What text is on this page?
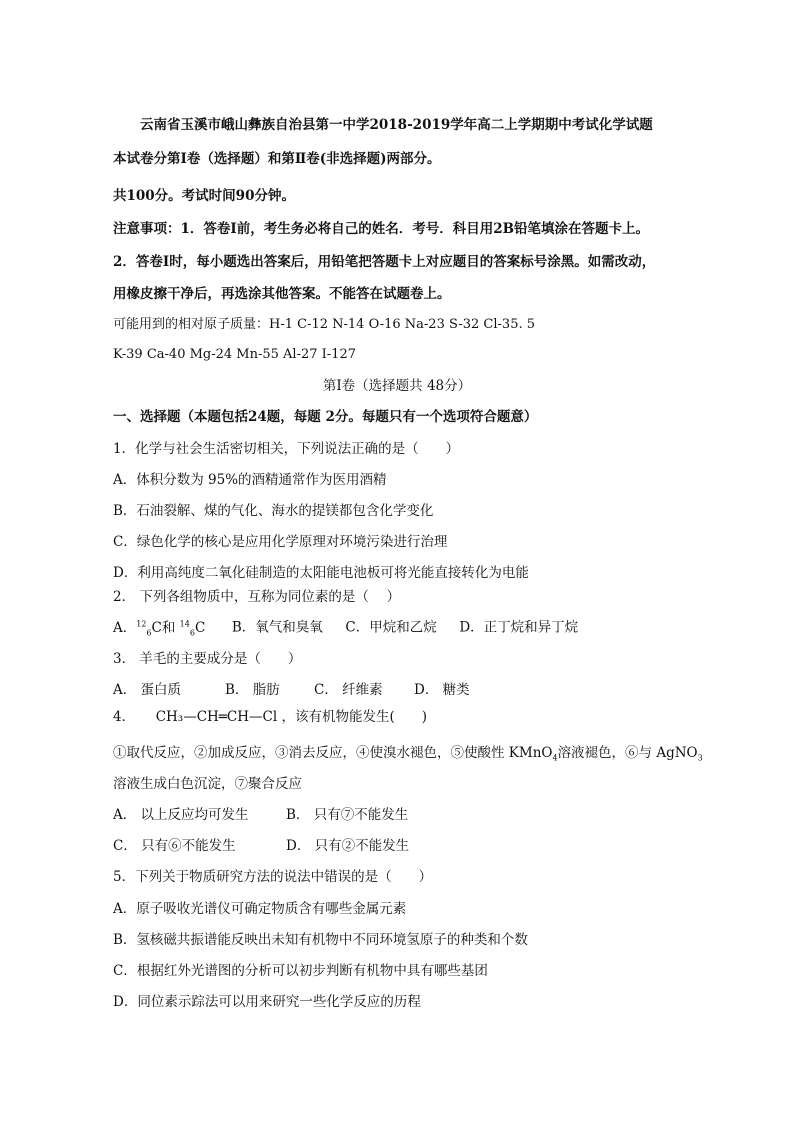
云南省玉溪市峨山彝族自治县第一中学2018-2019学年高二上学期期中考试化学试题
本试卷分第Ⅰ卷（选择题）和第Ⅱ卷(非选择题)两部分。
共100分。考试时间90分钟。
注意事项：1．答卷Ⅰ前，考生务必将自己的姓名．考号．科目用2B铅笔填涂在答题卡上。
2．答卷Ⅰ时，每小题选出答案后，用铅笔把答题卡上对应题目的答案标号涂黑。如需改动，
用橡皮擦干净后，再选涂其他答案。不能答在试题卷上。
可能用到的相对原子质量：H-1 C-12 N-14 O-16 Na-23 S-32 Cl-35. 5
K-39 Ca-40 Mg-24 Mn-55 Al-27 I-127
第Ⅰ卷（选择题共 48分）
一、选择题（本题包括24题，每题 2分。每题只有一个选项符合题意）
1．化学与社会生活密切相关，下列说法正确的是（　　）
A．体积分数为 95%的酒精通常作为医用酒精
B．石油裂解、煤的气化、海水的提镁都包含化学变化
C．绿色化学的核心是应用化学原理对环境污染进行治理
D．利用高纯度二氧化硅制造的太阳能电池板可将光能直接转化为电能
2． 下列各组物质中，互称为同位素的是（　 ）
A．$^{12}_6$C和 $^{14}_6$C B．氧气和臭氧 C．甲烷和乙烷 D．正丁烷和异丁烷
3． 羊毛的主要成分是（　　）
A． 蛋白质	B． 脂肪	C． 纤维素 D． 糖类
4． CH₃—CH═CH—Cl ，该有机物能发生(　　)
①取代反应，②加成反应，③消去反应，④使溴水褪色，⑤使酸性 KMnO$_4$溶液褪色，⑥与 AgNO$_3$
溶液生成白色沉淀，⑦聚合反应
A． 以上反应均可发生	B． 只有⑦不能发生
C． 只有⑥不能发生	D． 只有②不能发生
5．下列关于物质研究方法的说法中错误的是（　　）
A．原子吸收光谱仪可确定物质含有哪些金属元素
B．氢核磁共振谱能反映出未知有机物中不同环境氢原子的种类和个数
C．根据红外光谱图的分析可以初步判断有机物中具有哪些基团
D．同位素示踪法可以用来研究一些化学反应的历程
